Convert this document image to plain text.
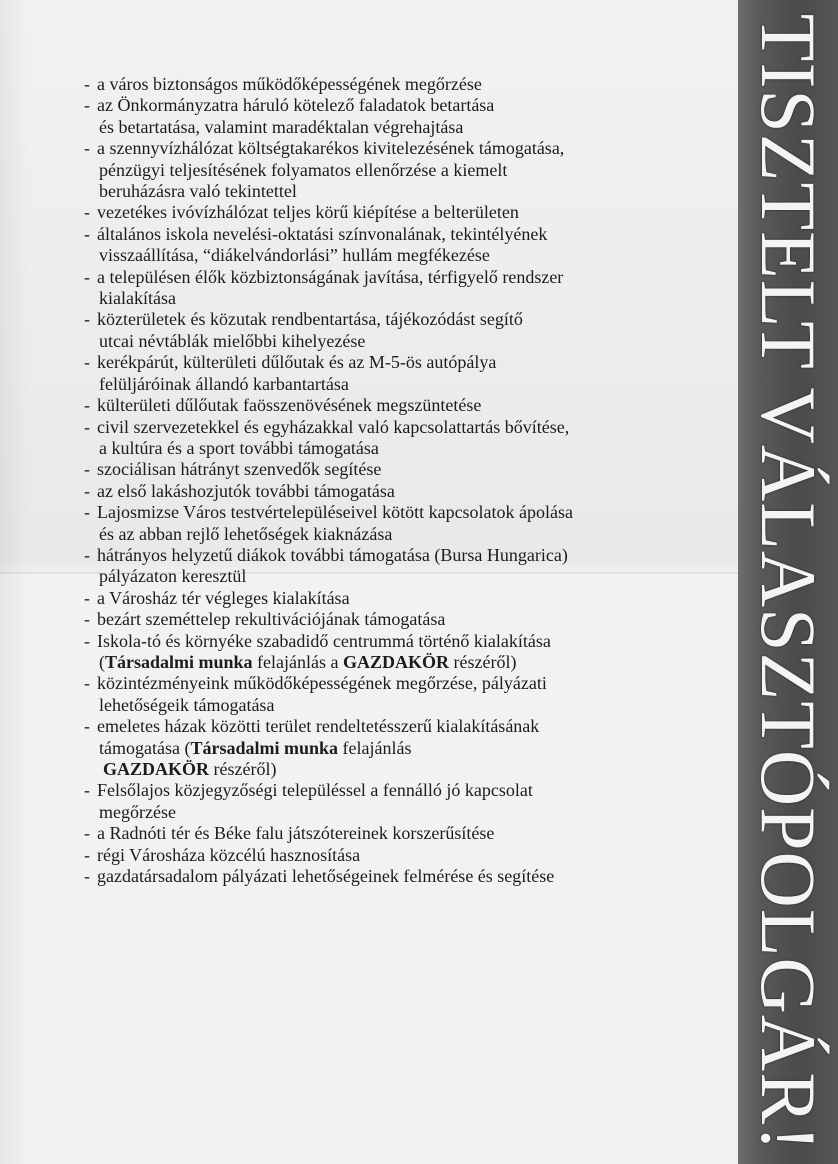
TISZTELT VÁLASZTÓPOLGÁR!
- a város biztonságos működőképességének megőrzése
- az Önkormányzatra háruló kötelező faladatok betartása
és betartatása, valamint maradéktalan végrehajtása
- a szennyvízhálózat költségtakarékos kivitelezésének támogatása,
pénzügyi teljesítésének folyamatos ellenőrzése a kiemelt
beruházásra való tekintettel
- vezetékes ivóvízhálózat teljes körű kiépítése a belterületen
- általános iskola nevelési-oktatási színvonalának, tekintélyének
visszaállítása, “diákelvándorlási” hullám megfékezése
- a településen élők közbiztonságának javítása, térfigyelő rendszer
kialakítása
- közterületek és közutak rendbentartása, tájékozódást segítő
utcai névtáblák mielőbbi kihelyezése
- kerékpárút, külterületi dűlőutak és az M-5-ös autópálya
felüljáróinak állandó karbantartása
- külterületi dűlőutak faösszenövésének megszüntetése
- civil szervezetekkel és egyházakkal való kapcsolattartás bővítése,
a kultúra és a sport további támogatása
- szociálisan hátrányt szenvedők segítése
- az első lakáshozjutók további támogatása
- Lajosmizse Város testvértelepüléseivel kötött kapcsolatok ápolása
és az abban rejlő lehetőségek kiaknázása
- hátrányos helyzetű diákok további támogatása (Bursa Hungarica)
pályázaton keresztül
- a Városház tér végleges kialakítása
- bezárt szeméttelep rekultivációjának támogatása
- Iskola-tó és környéke szabadidő centrummá történő kialakítása
(Társadalmi munka felajánlás a GAZDAKÖR részéről)
- közintézményeink működőképességének megőrzése, pályázati
lehetőségeik támogatása
- emeletes házak közötti terület rendeltetésszerű kialakításának
támogatása (Társadalmi munka felajánlás
GAZDAKÖR részéről)
- Felsőlajos közjegyzőségi településsel a fennálló jó kapcsolat
megőrzése
- a Radnóti tér és Béke falu játszótereinek korszerűsítése
- régi Városháza közcélú hasznosítása
- gazdatársadalom pályázati lehetőségeinek felmérése és segítése
